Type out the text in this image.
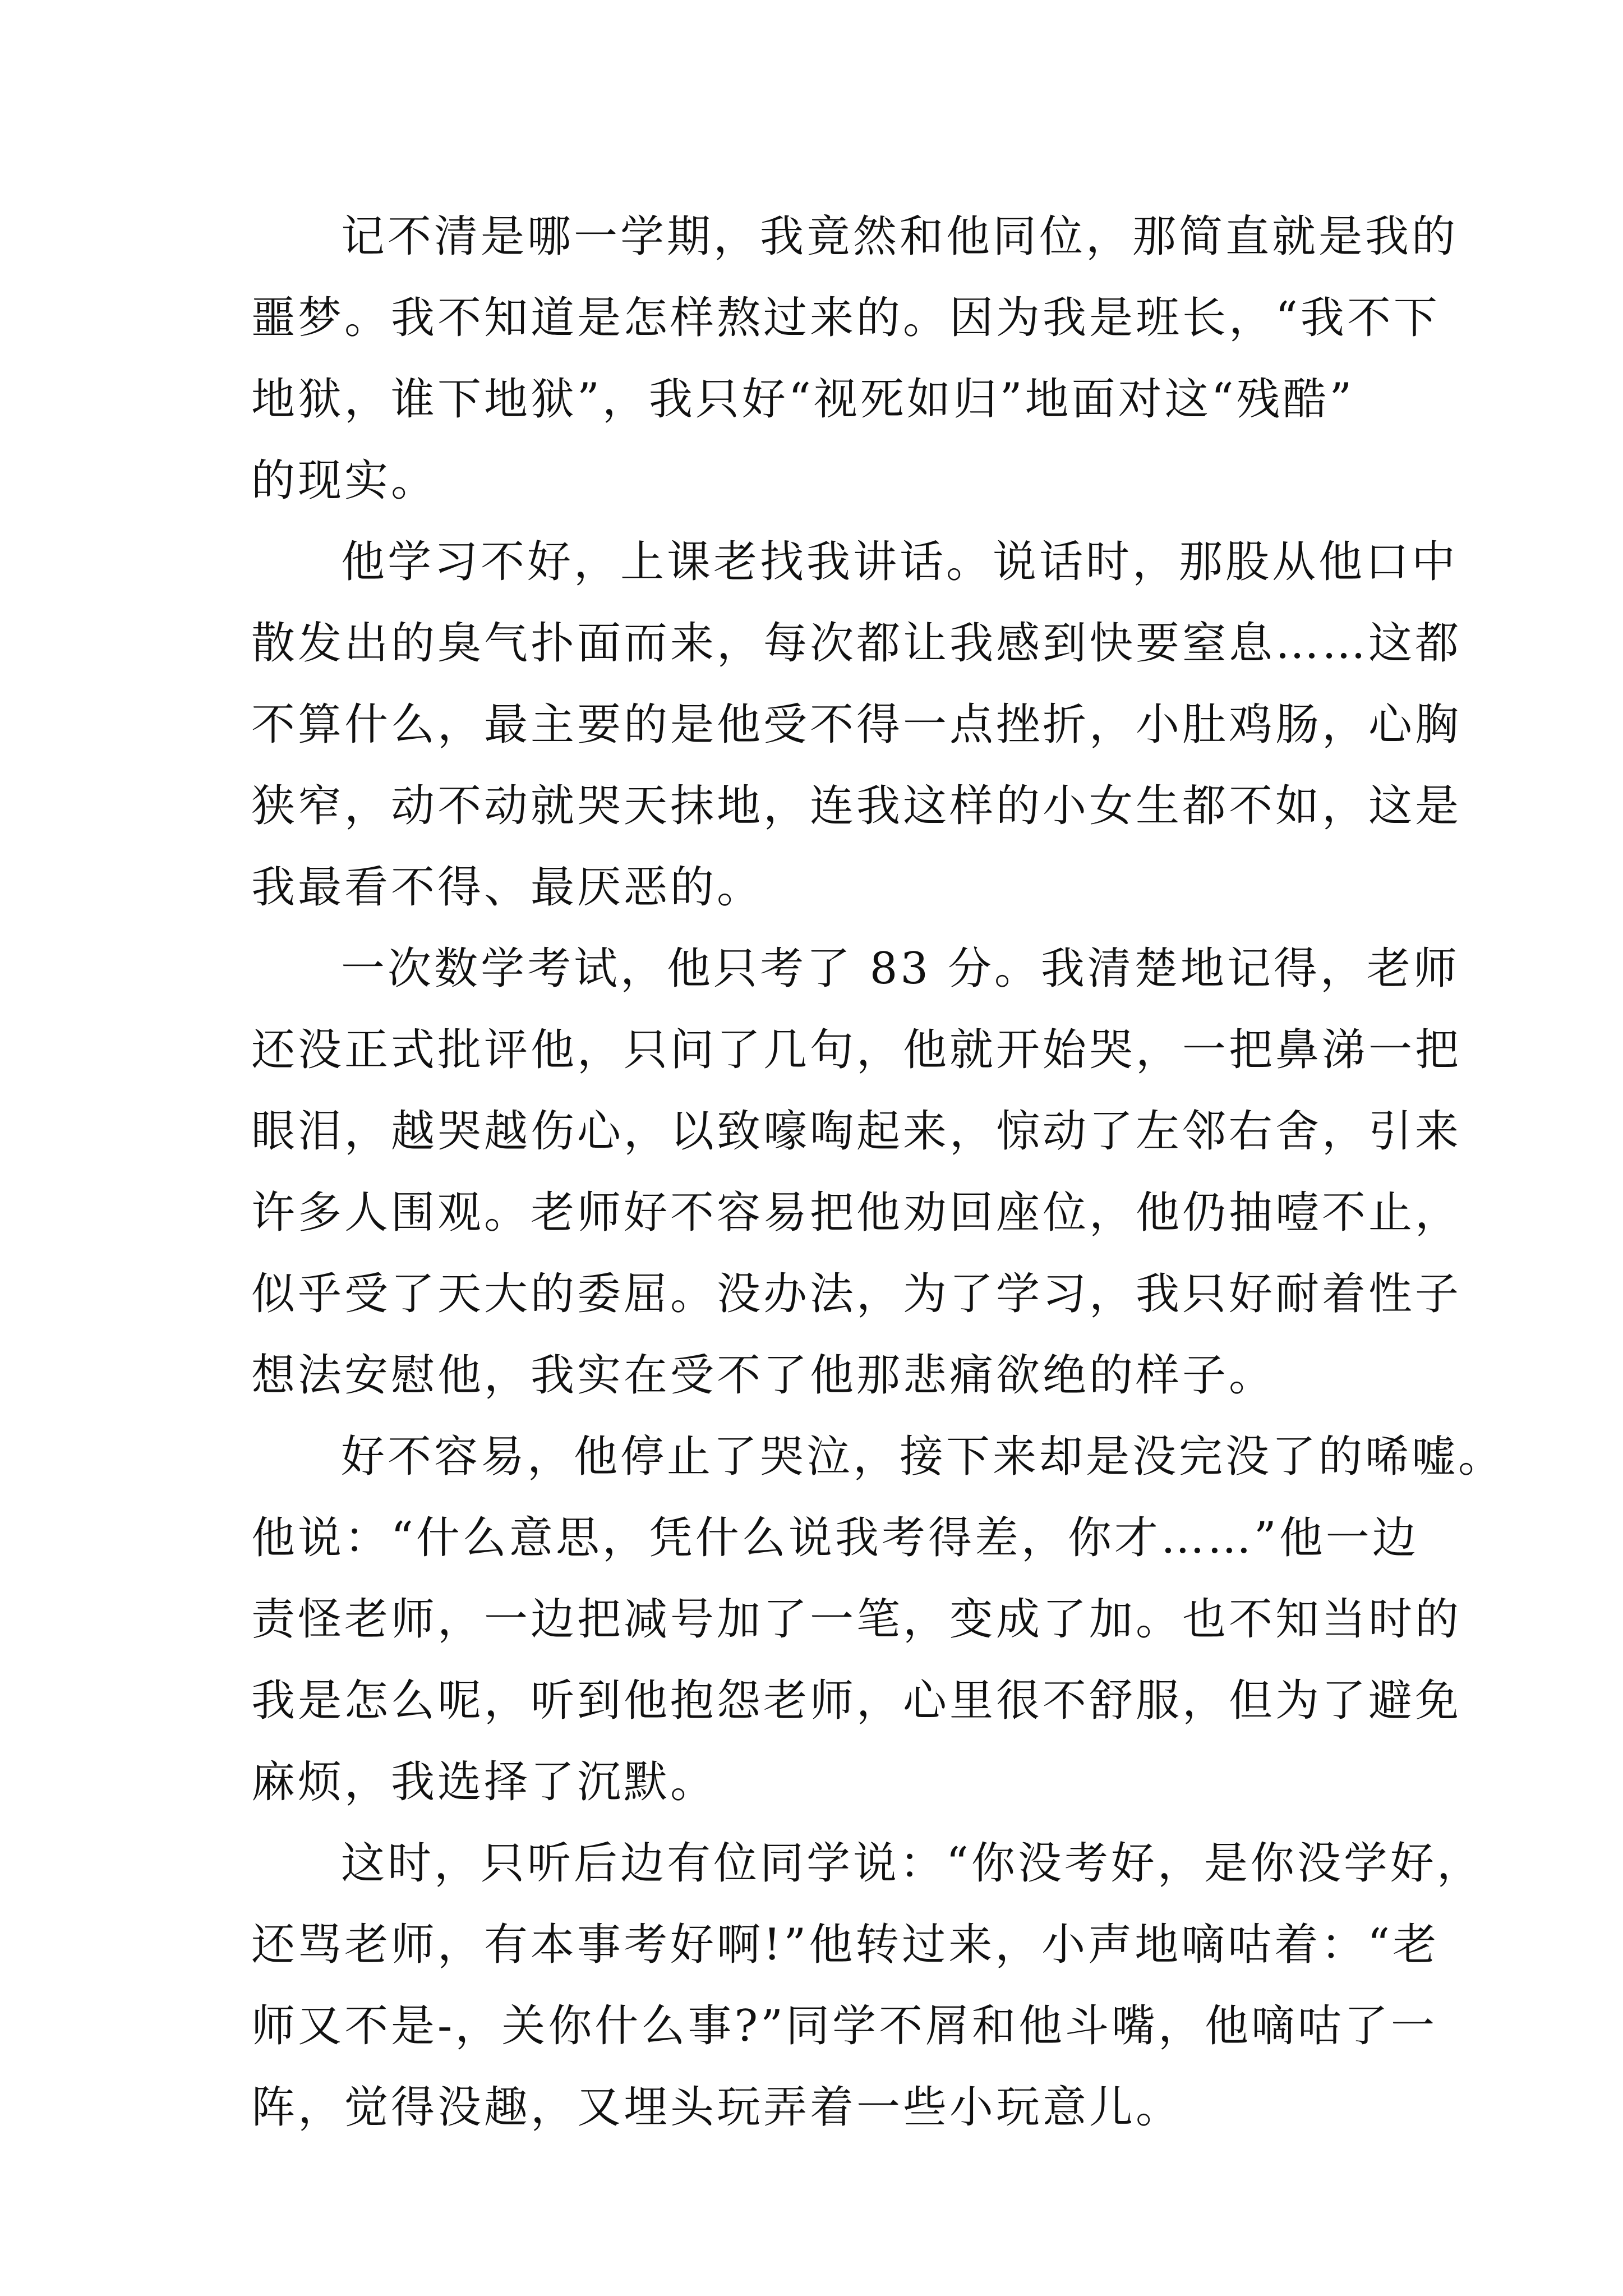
记不清是哪一学期，我竟然和他同位，那简直就是我的
噩梦。我不知道是怎样熬过来的。因为我是班长，“我不下
地狱，谁下地狱”，我只好“视死如归”地面对这“残酷”
的现实。
他学习不好，上课老找我讲话。说话时，那股从他口中
散发出的臭气扑面而来，每次都让我感到快要窒息……这都
不算什么，最主要的是他受不得一点挫折，小肚鸡肠，心胸
狭窄，动不动就哭天抹地，连我这样的小女生都不如，这是
我最看不得、最厌恶的。
一次数学考试，他只考了 83 分。我清楚地记得，老师
还没正式批评他，只问了几句，他就开始哭，一把鼻涕一把
眼泪，越哭越伤心，以致嚎啕起来，惊动了左邻右舍，引来
许多人围观。老师好不容易把他劝回座位，他仍抽噎不止，
似乎受了天大的委屈。没办法，为了学习，我只好耐着性子
想法安慰他，我实在受不了他那悲痛欲绝的样子。
好不容易，他停止了哭泣，接下来却是没完没了的唏嘘。
他说：“什么意思，凭什么说我考得差，你才……”他一边
责怪老师，一边把减号加了一笔，变成了加。也不知当时的
我是怎么呢，听到他抱怨老师，心里很不舒服，但为了避免
麻烦，我选择了沉默。
这时，只听后边有位同学说：“你没考好，是你没学好，
还骂老师，有本事考好啊!”他转过来，小声地嘀咕着：“老
师又不是-，关你什么事?”同学不屑和他斗嘴，他嘀咕了一
阵，觉得没趣，又埋头玩弄着一些小玩意儿。
